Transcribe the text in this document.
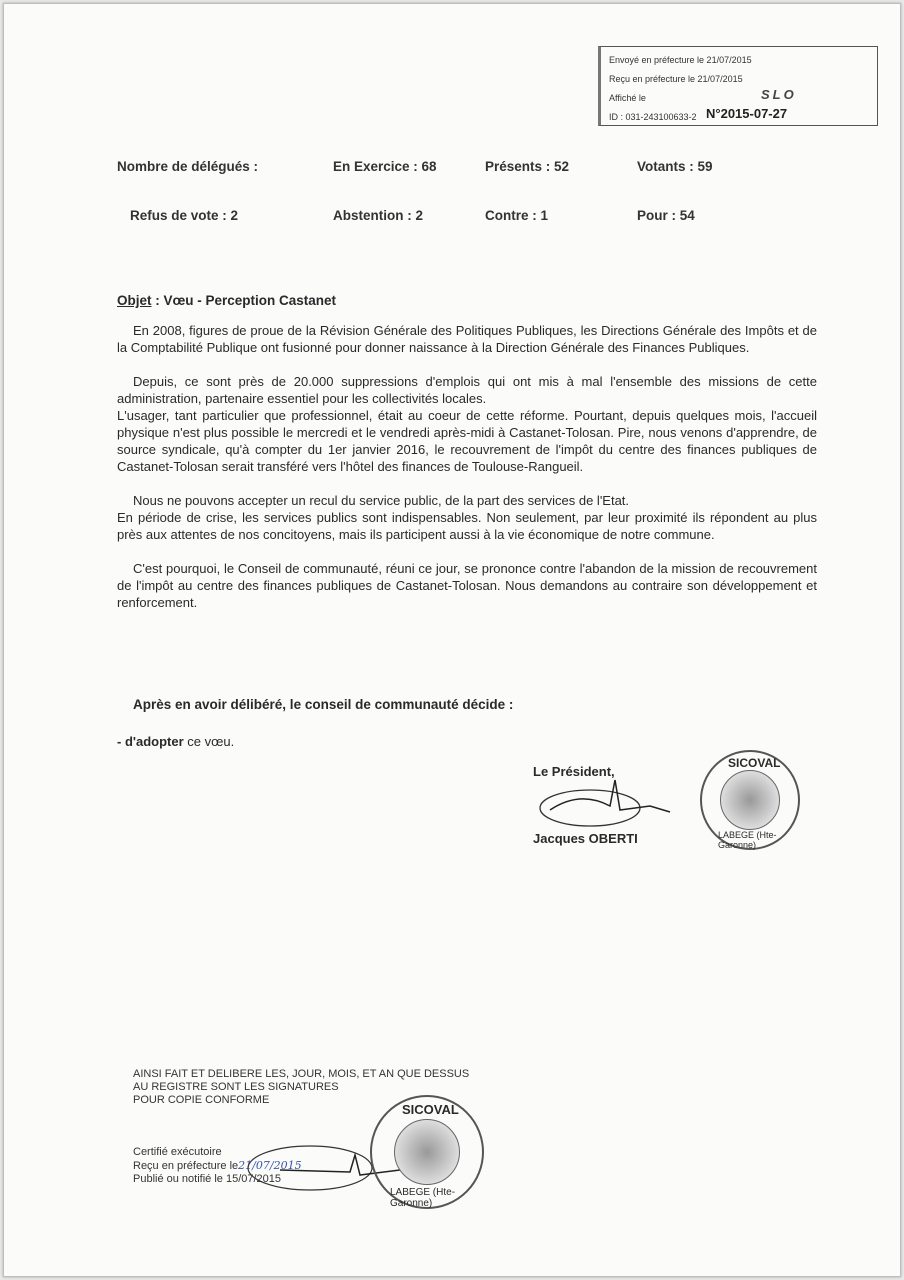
Envoyé en préfecture le 21/07/2015
Reçu en préfecture le 21/07/2015
Affiché le	SLO
ID : 031-243100633-2 N°2015-07-27
Nombre de délégués :	En Exercice : 68	Présents : 52	Votants : 59
Refus de vote : 2	Abstention : 2	Contre : 1	Pour : 54
Objet : Vœu - Perception Castanet

En 2008, figures de proue de la Révision Générale des Politiques Publiques, les Directions Générale des Impôts et de la Comptabilité Publique ont fusionné pour donner naissance à la Direction Générale des Finances Publiques.

Depuis, ce sont près de 20.000 suppressions d'emplois qui ont mis à mal l'ensemble des missions de cette administration, partenaire essentiel pour les collectivités locales.

L'usager, tant particulier que professionnel, était au coeur de cette réforme. Pourtant, depuis quelques mois, l'accueil physique n'est plus possible le mercredi et le vendredi après-midi à Castanet-Tolosan. Pire, nous venons d'apprendre, de source syndicale, qu'à compter du 1er janvier 2016, le recouvrement de l'impôt du centre des finances publiques de Castanet-Tolosan serait transféré vers l'hôtel des finances de Toulouse-Rangueil.

Nous ne pouvons accepter un recul du service public, de la part des services de l'Etat.

En période de crise, les services publics sont indispensables. Non seulement, par leur proximité ils répondent au plus près aux attentes de nos concitoyens, mais ils participent aussi à la vie économique de notre commune.

C'est pourquoi, le Conseil de communauté, réuni ce jour, se prononce contre l'abandon de la mission de recouvrement de l'impôt au centre des finances publiques de Castanet-Tolosan. Nous demandons au contraire son développement et renforcement.

Après en avoir délibéré, le conseil de communauté décide :
- d'adopter ce vœu.
Le Président,
Jacques OBERTI
SICOVAL
LABEGE (Hte-Garonne)
AINSI FAIT ET DELIBERE LES, JOUR, MOIS, ET AN QUE DESSUS
AU REGISTRE SONT LES SIGNATURES
POUR COPIE CONFORME
Certifié exécutoire
Reçu en préfecture le21/07/2015
Publié ou notifié le 15/07/2015
SICOVAL
LABEGE (Hte-Garonne)
